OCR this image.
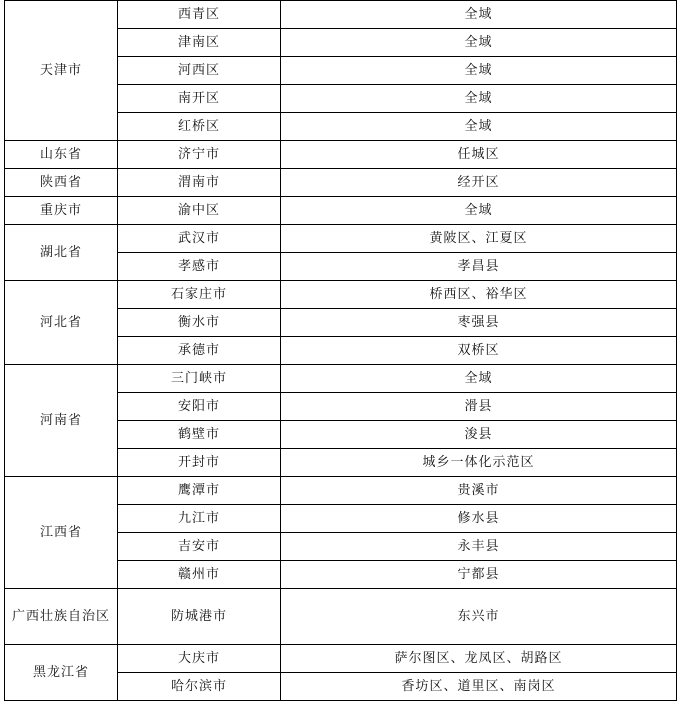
天津市	西青区	全域
	津南区	全域
	河西区	全域
	南开区	全域
	红桥区	全域
山东省	济宁市	任城区
陕西省	渭南市	经开区
重庆市	渝中区	全域
湖北省	武汉市	黄陂区、江夏区
	孝感市	孝昌县
河北省	石家庄市	桥西区、裕华区
	衡水市	枣强县
	承德市	双桥区
河南省	三门峡市	全域
	安阳市	滑县
	鹤壁市	浚县
	开封市	城乡一体化示范区
江西省	鹰潭市	贵溪市
	九江市	修水县
	吉安市	永丰县
	赣州市	宁都县
广西壮族自治区	防城港市	东兴市
黑龙江省	大庆市	萨尔图区、龙凤区、胡路区
	哈尔滨市	香坊区、道里区、南岗区
